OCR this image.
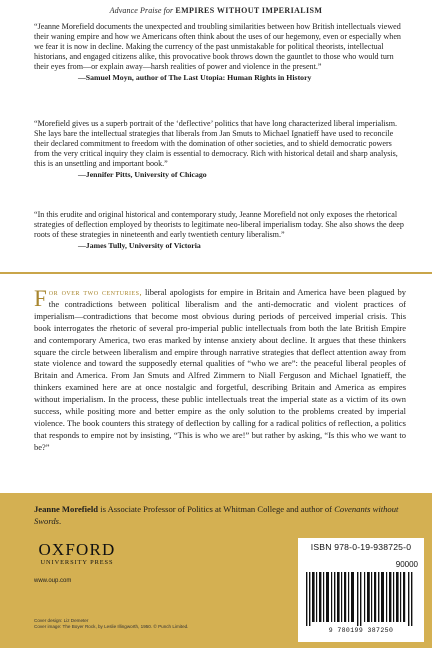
Advance Praise for EMPIRES WITHOUT IMPERIALISM
“Jeanne Morefield documents the unexpected and troubling similarities between how British intellectuals viewed their waning empire and how we Americans often think about the uses of our hegemony, even or especially when we fear it is now in decline. Making the currency of the past unmistakable for political theorists, intellectual historians, and engaged citizens alike, this provocative book throws down the gauntlet to those who would turn their eyes from—or explain away—harsh realities of power and violence in the present.”
—Samuel Moyn, author of The Last Utopia: Human Rights in History
“Morefield gives us a superb portrait of the ‘deflective’ politics that have long characterized liberal imperialism. She lays bare the intellectual strategies that liberals from Jan Smuts to Michael Ignatieff have used to reconcile their declared commitment to freedom with the domination of other societies, and to shield democratic powers from the very critical inquiry they claim is essential to democracy. Rich with historical detail and sharp analysis, this is an unsettling and important book.”
—Jennifer Pitts, University of Chicago
“In this erudite and original historical and contemporary study, Jeanne Morefield not only exposes the rhetorical strategies of deflection employed by theorists to legitimate neo-liberal imperialism today. She also shows the deep roots of these strategies in nineteenth and early twentieth century liberalism.”
—James Tully, University of Victoria
For over two centuries, liberal apologists for empire in Britain and America have been plagued by the contradictions between political liberalism and the anti-democratic and violent practices of imperialism—contradictions that become most obvious during periods of perceived imperial crisis. This book interrogates the rhetoric of several pro-imperial public intellectuals from both the late British Empire and contemporary America, two eras marked by intense anxiety about decline. It argues that these thinkers square the circle between liberalism and empire through narrative strategies that deflect attention away from state violence and toward the supposedly eternal qualities of “who we are”: the peaceful liberal peoples of Britain and America. From Jan Smuts and Alfred Zimmern to Niall Ferguson and Michael Ignatieff, the thinkers examined here are at once nostalgic and forgetful, describing Britain and America as empires without imperialism. In the process, these public intellectuals treat the imperial state as a victim of its own success, while positing more and better empire as the only solution to the problems created by imperial violence. The book counters this strategy of deflection by calling for a radical politics of reflection, a politics that responds to empire not by insisting, “This is who we are!” but rather by asking, “Is this who we want to be?”
Jeanne Morefield is Associate Professor of Politics at Whitman College and author of Covenants without Swords.
OXFORD
UNIVERSITY PRESS
www.oup.com
Cover design: Liz Demeter
Cover image: The Boyer Rock, by Leslie Illingworth, 1950. © Punch Limited.
ISBN 978-0-19-938725-0
90000
9 780199 387250
